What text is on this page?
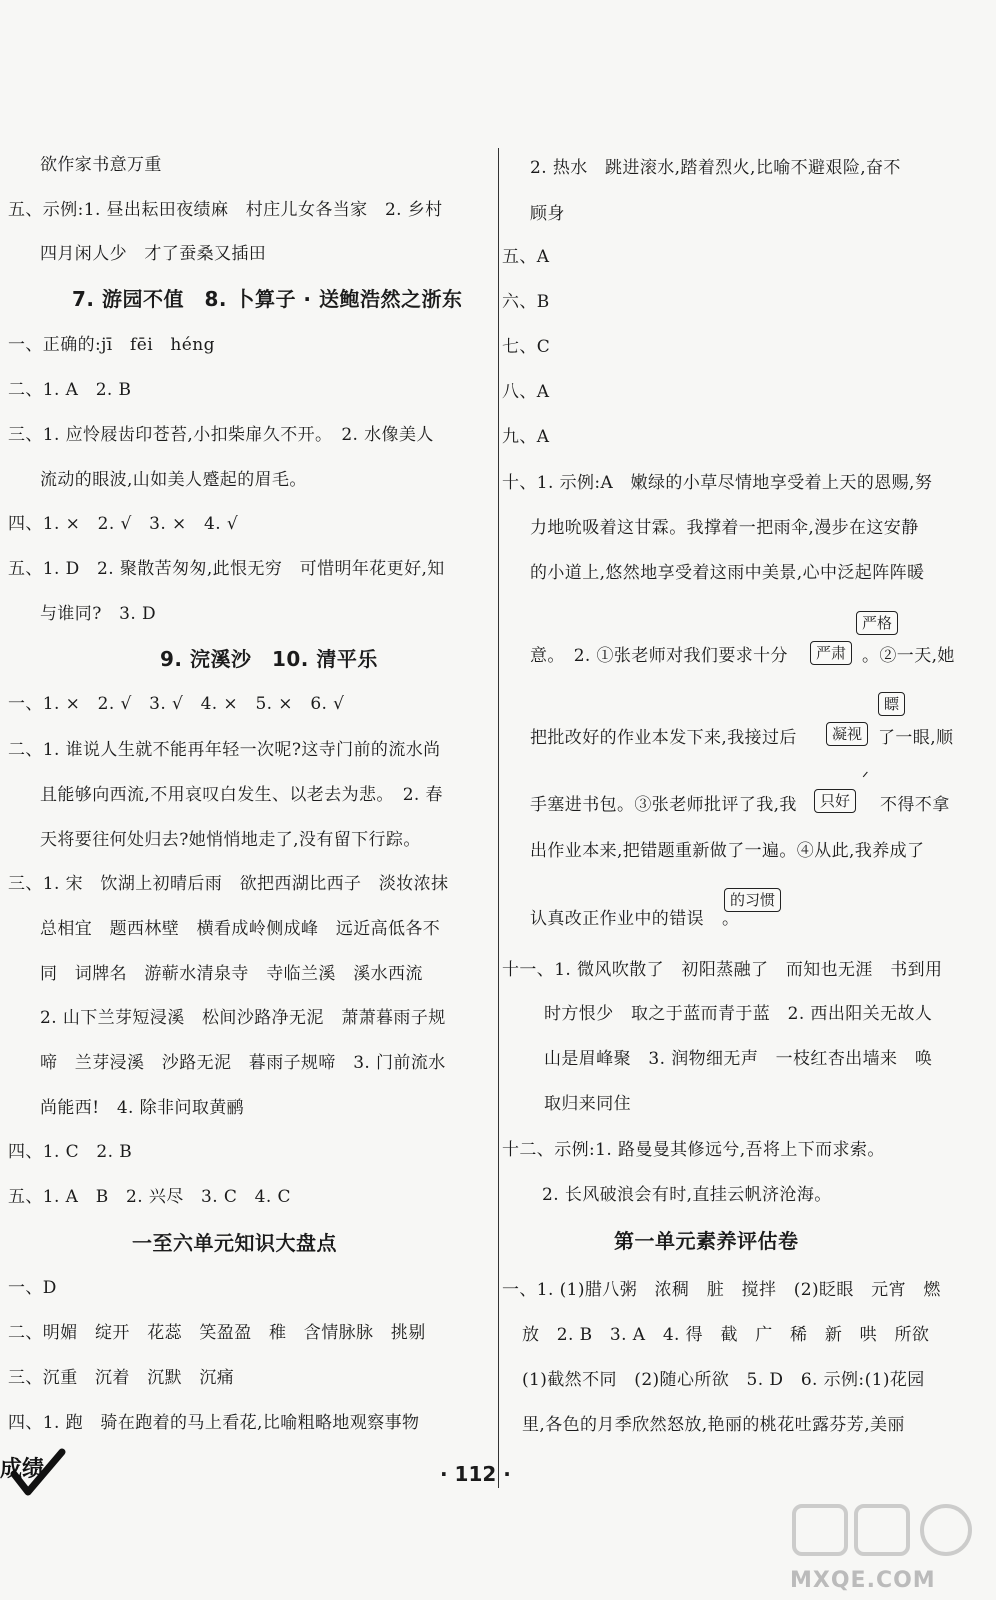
欲作家书意万重
五、示例:1. 昼出耘田夜绩麻　村庄儿女各当家　2. 乡村
四月闲人少　才了蚕桑又插田
7. 游园不值　8. 卜算子 · 送鲍浩然之浙东
一、正确的:jī　fēi　héng
二、1. A　2. B
三、1. 应怜屐齿印苍苔,小扣柴扉久不开。　2. 水像美人
流动的眼波,山如美人蹙起的眉毛。
四、1. ×　2. √　3. ×　4. √
五、1. D　2. 聚散苦匆匆,此恨无穷　可惜明年花更好,知
与谁同?　3. D
9. 浣溪沙　10. 清平乐
一、1. ×　2. √　3. √　4. ×　5. ×　6. √
二、1. 谁说人生就不能再年轻一次呢?这寺门前的流水尚
且能够向西流,不用哀叹白发生、以老去为悲。　2. 春
天将要往何处归去?她悄悄地走了,没有留下行踪。
三、1. 宋　饮湖上初晴后雨　欲把西湖比西子　淡妆浓抹
总相宜　题西林壁　横看成岭侧成峰　远近高低各不
同　词牌名　游蕲水清泉寺　寺临兰溪　溪水西流
2. 山下兰芽短浸溪　松间沙路净无泥　萧萧暮雨子规
啼　兰芽浸溪　沙路无泥　暮雨子规啼　3. 门前流水
尚能西!　4. 除非问取黄鹂
四、1. C　2. B
五、1. A　B　2. 兴尽　3. C　4. C
一至六单元知识大盘点
一、D
二、明媚　绽开　花蕊　笑盈盈　稚　含情脉脉　挑剔
三、沉重　沉着　沉默　沉痛
四、1. 跑　骑在跑着的马上看花,比喻粗略地观察事物
2. 热水　跳进滚水,踏着烈火,比喻不避艰险,奋不
顾身
五、A
六、B
七、C
八、A
九、A
十、1. 示例:A　嫩绿的小草尽情地享受着上天的恩赐,努
力地吮吸着这甘霖。我撑着一把雨伞,漫步在这安静
的小道上,悠然地享受着这雨中美景,心中泛起阵阵暖
意。　2. ①张老师对我们要求十分	严肃
严格
。②一天,她
把批改好的作业本发下来,我接过后	凝视
瞟
了一眼,顺
手塞进书包。③张老师批评了我,我	只好
ᐟ
不得不拿
出作业本来,把错题重新做了一遍。④从此,我养成了
认真改正作业中的错误
的习惯
。
十一、1. 微风吹散了　初阳蒸融了　而知也无涯　书到用
时方恨少　取之于蓝而青于蓝　2. 西出阳关无故人
山是眉峰聚　3. 润物细无声　一枝红杏出墙来　唤
取归来同住
十二、示例:1. 路曼曼其修远兮,吾将上下而求索。
2. 长风破浪会有时,直挂云帆济沧海。
第一单元素养评估卷
一、1. (1)腊八粥　浓稠　脏　搅拌　(2)眨眼　元宵　燃
放　2. B　3. A　4. 得　截　广　稀　新　哄　所欲
(1)截然不同　(2)随心所欲　5. D　6. 示例:(1)花园
里,各色的月季欣然怒放,艳丽的桃花吐露芬芳,美丽
成绩	· 112 ·
MXQE.COM
